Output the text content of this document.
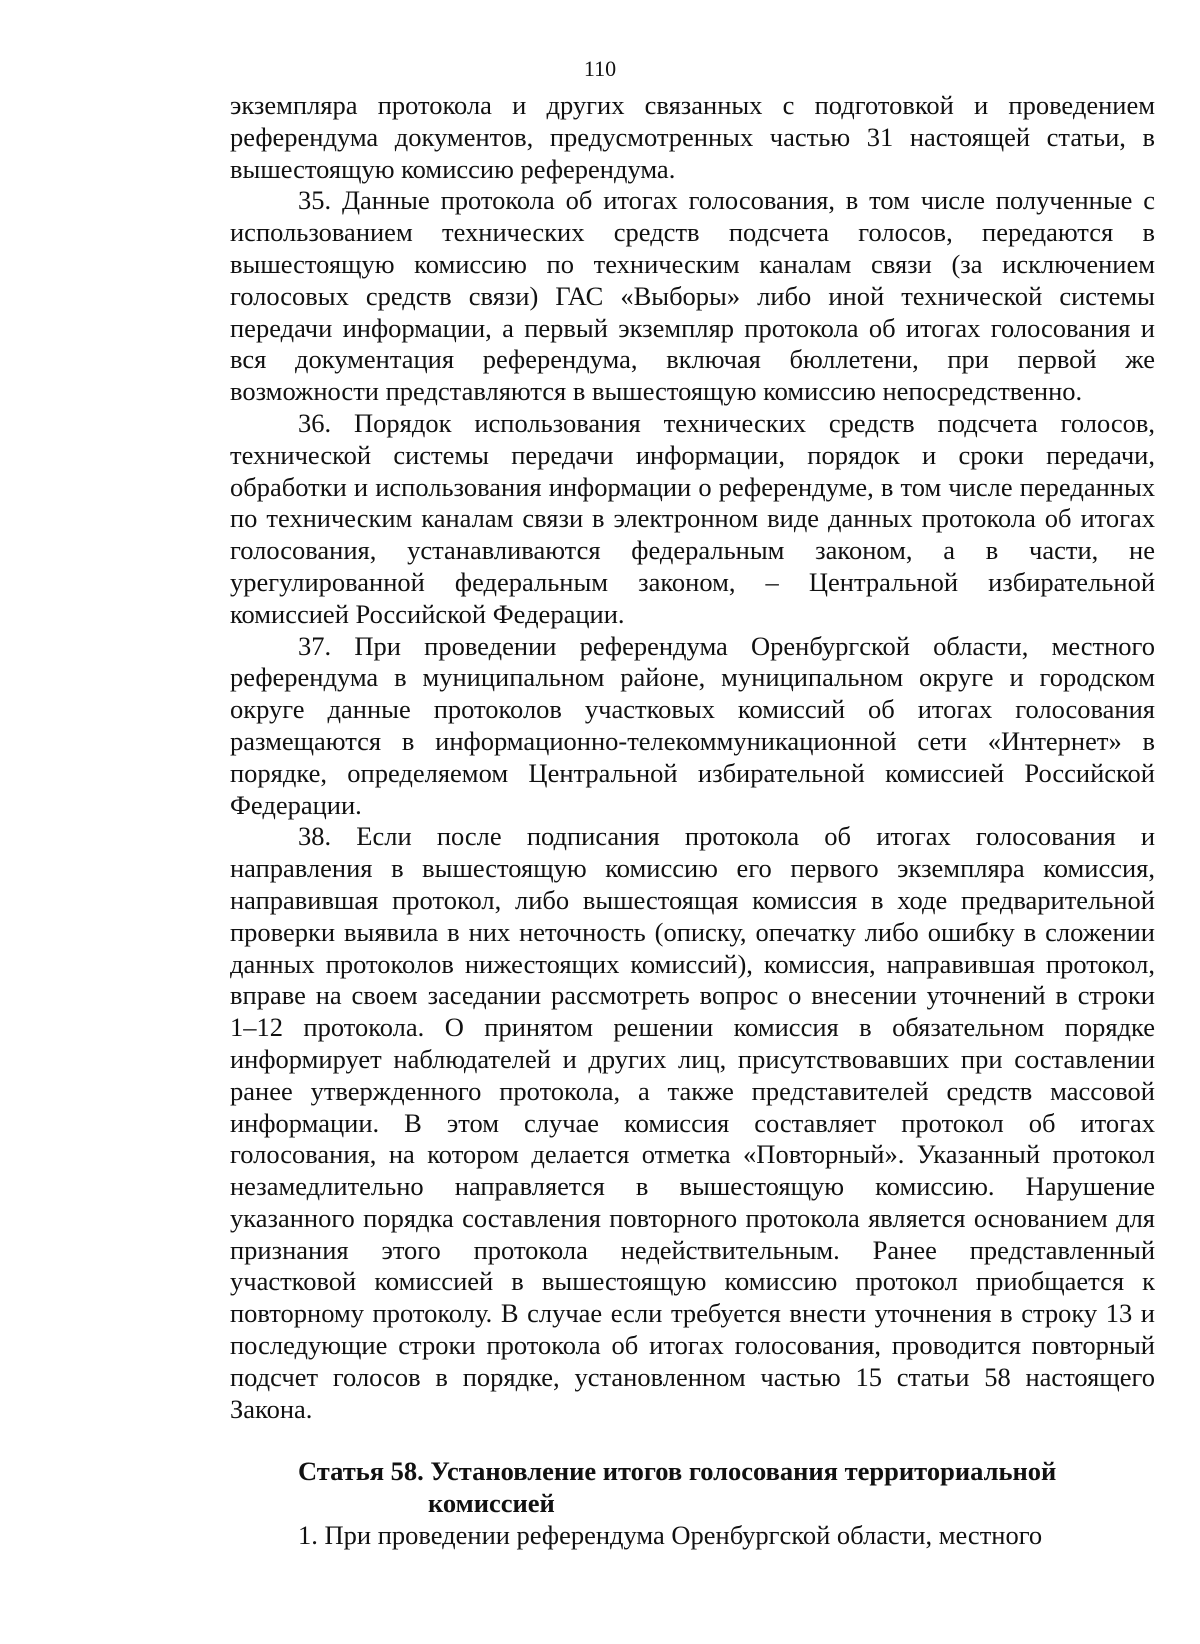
110

экземпляра протокола и других связанных с подготовкой и проведением референдума документов, предусмотренных частью 31 настоящей статьи, в вышестоящую комиссию референдума.

35. Данные протокола об итогах голосования, в том числе полученные с использованием технических средств подсчета голосов, передаются в вышестоящую комиссию по техническим каналам связи (за исключением голосовых средств связи) ГАС «Выборы» либо иной технической системы передачи информации, а первый экземпляр протокола об итогах голосования и вся документация референдума, включая бюллетени, при первой же возможности представляются в вышестоящую комиссию непосредственно.

36. Порядок использования технических средств подсчета голосов, технической системы передачи информации, порядок и сроки передачи, обработки и использования информации о референдуме, в том числе переданных по техническим каналам связи в электронном виде данных протокола об итогах голосования, устанавливаются федеральным законом, а в части, не урегулированной федеральным законом, – Центральной избирательной комиссией Российской Федерации.

37. При проведении референдума Оренбургской области, местного референдума в муниципальном районе, муниципальном округе и городском округе данные протоколов участковых комиссий об итогах голосования размещаются в информационно-телекоммуникационной сети «Интернет» в порядке, определяемом Центральной избирательной комиссией Российской Федерации.

38. Если после подписания протокола об итогах голосования и направления в вышестоящую комиссию его первого экземпляра комиссия, направившая протокол, либо вышестоящая комиссия в ходе предварительной проверки выявила в них неточность (описку, опечатку либо ошибку в сложении данных протоколов нижестоящих комиссий), комиссия, направившая протокол, вправе на своем заседании рассмотреть вопрос о внесении уточнений в строки 1–12 протокола. О принятом решении комиссия в обязательном порядке информирует наблюдателей и других лиц, присутствовавших при составлении ранее утвержденного протокола, а также представителей средств массовой информации. В этом случае комиссия составляет протокол об итогах голосования, на котором делается отметка «Повторный». Указанный протокол незамедлительно направляется в вышестоящую комиссию. Нарушение указанного порядка составления повторного протокола является основанием для признания этого протокола недействительным. Ранее представленный участковой комиссией в вышестоящую комиссию протокол приобщается к повторному протоколу. В случае если требуется внести уточнения в строку 13 и последующие строки протокола об итогах голосования, проводится повторный подсчет голосов в порядке, установленном частью 15 статьи 58 настоящего Закона.

Статья 58. Установление итогов голосования территориальной
комиссией

1. При проведении референдума Оренбургской области, местного
